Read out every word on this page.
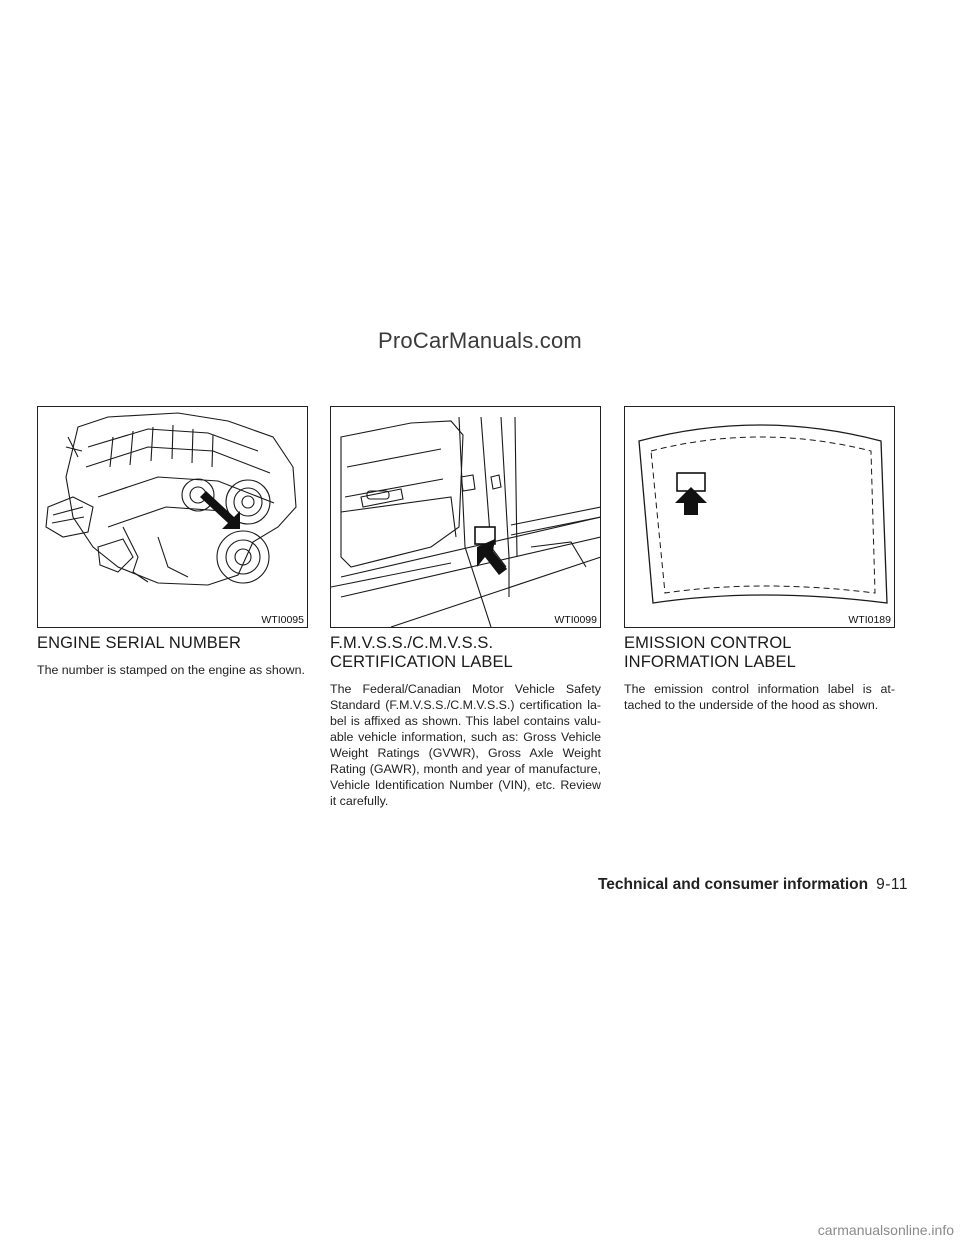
ProCarManuals.com
WTI0095	WTI0099	WTI0189
ENGINE SERIAL NUMBER

The number is stamped on the engine as shown.

F.M.V.S.S./C.M.V.S.S.
CERTIFICATION LABEL

The Federal/Canadian Motor Vehicle Safety Standard (F.M.V.S.S./C.M.V.S.S.) certification la-bel is affixed as shown. This label contains valu-able vehicle information, such as: Gross Vehicle Weight Ratings (GVWR), Gross Axle Weight Rating (GAWR), month and year of manufacture, Vehicle Identification Number (VIN), etc. Review it carefully.

EMISSION CONTROL
INFORMATION LABEL

The emission control information label is at-tached to the underside of the hood as shown.

Technical and consumer information 9-11
carmanualsonline.info
